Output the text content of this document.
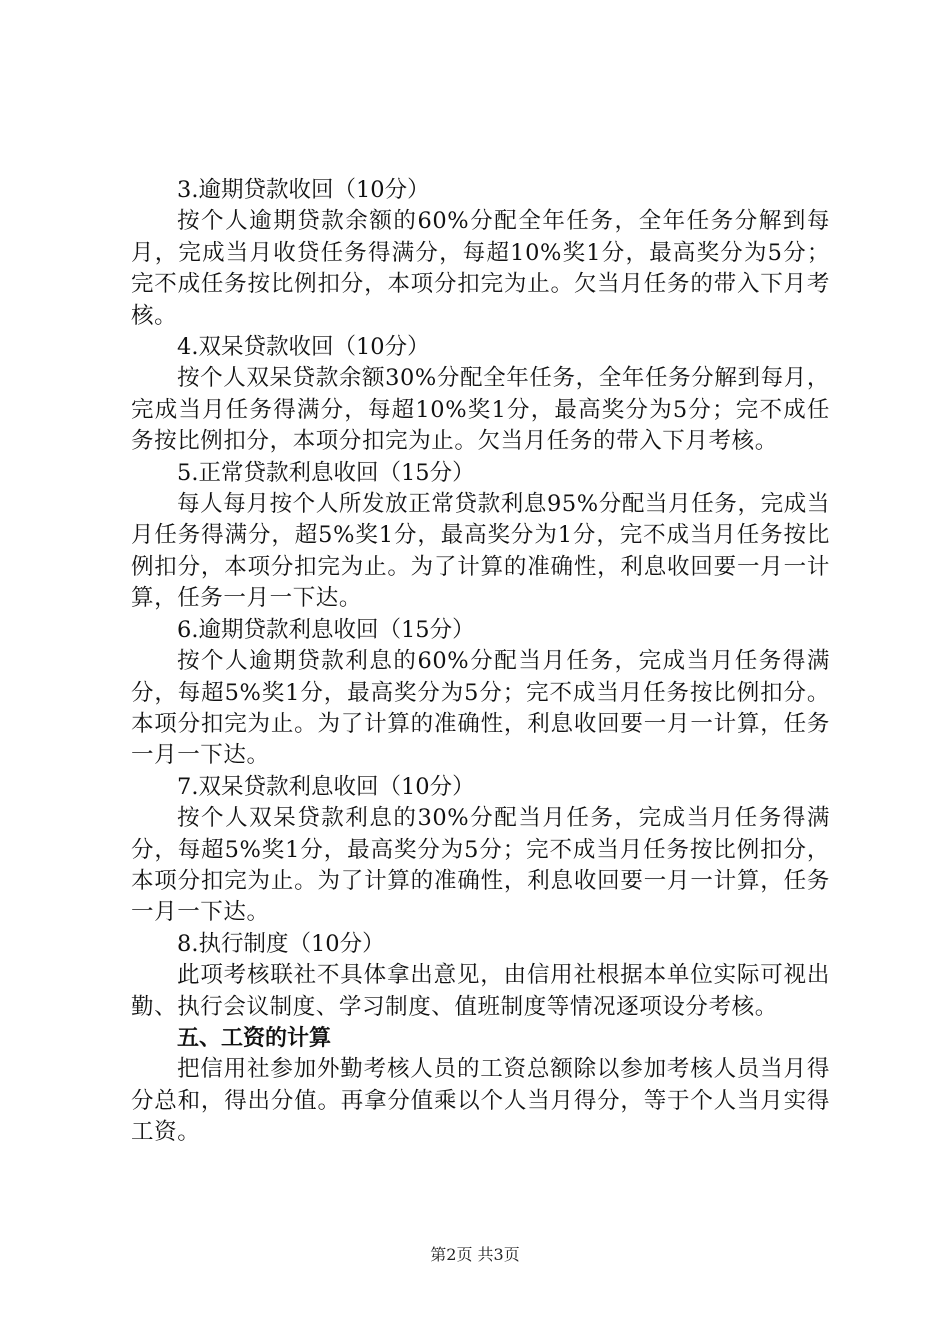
3.逾期贷款收回（10分）

按个人逾期贷款余额的60%分配全年任务，全年任务分解到每月，完成当月收贷任务得满分，每超10%奖1分，最高奖分为5分；完不成任务按比例扣分，本项分扣完为止。欠当月任务的带入下月考核。

4.双呆贷款收回（10分）

按个人双呆贷款余额30%分配全年任务，全年任务分解到每月，完成当月任务得满分，每超10%奖1分，最高奖分为5分；完不成任务按比例扣分，本项分扣完为止。欠当月任务的带入下月考核。

5.正常贷款利息收回（15分）

每人每月按个人所发放正常贷款利息95%分配当月任务，完成当月任务得满分，超5%奖1分，最高奖分为1分，完不成当月任务按比例扣分，本项分扣完为止。为了计算的准确性，利息收回要一月一计算，任务一月一下达。

6.逾期贷款利息收回（15分）

按个人逾期贷款利息的60%分配当月任务，完成当月任务得满分，每超5%奖1分，最高奖分为5分；完不成当月任务按比例扣分。本项分扣完为止。为了计算的准确性，利息收回要一月一计算，任务一月一下达。

7.双呆贷款利息收回（10分）

按个人双呆贷款利息的30%分配当月任务，完成当月任务得满分，每超5%奖1分，最高奖分为5分；完不成当月任务按比例扣分，本项分扣完为止。为了计算的准确性，利息收回要一月一计算，任务一月一下达。

8.执行制度（10分）

此项考核联社不具体拿出意见，由信用社根据本单位实际可视出勤、执行会议制度、学习制度、值班制度等情况逐项设分考核。

五、工资的计算

把信用社参加外勤考核人员的工资总额除以参加考核人员当月得分总和，得出分值。再拿分值乘以个人当月得分，等于个人当月实得工资。

第2页 共3页
